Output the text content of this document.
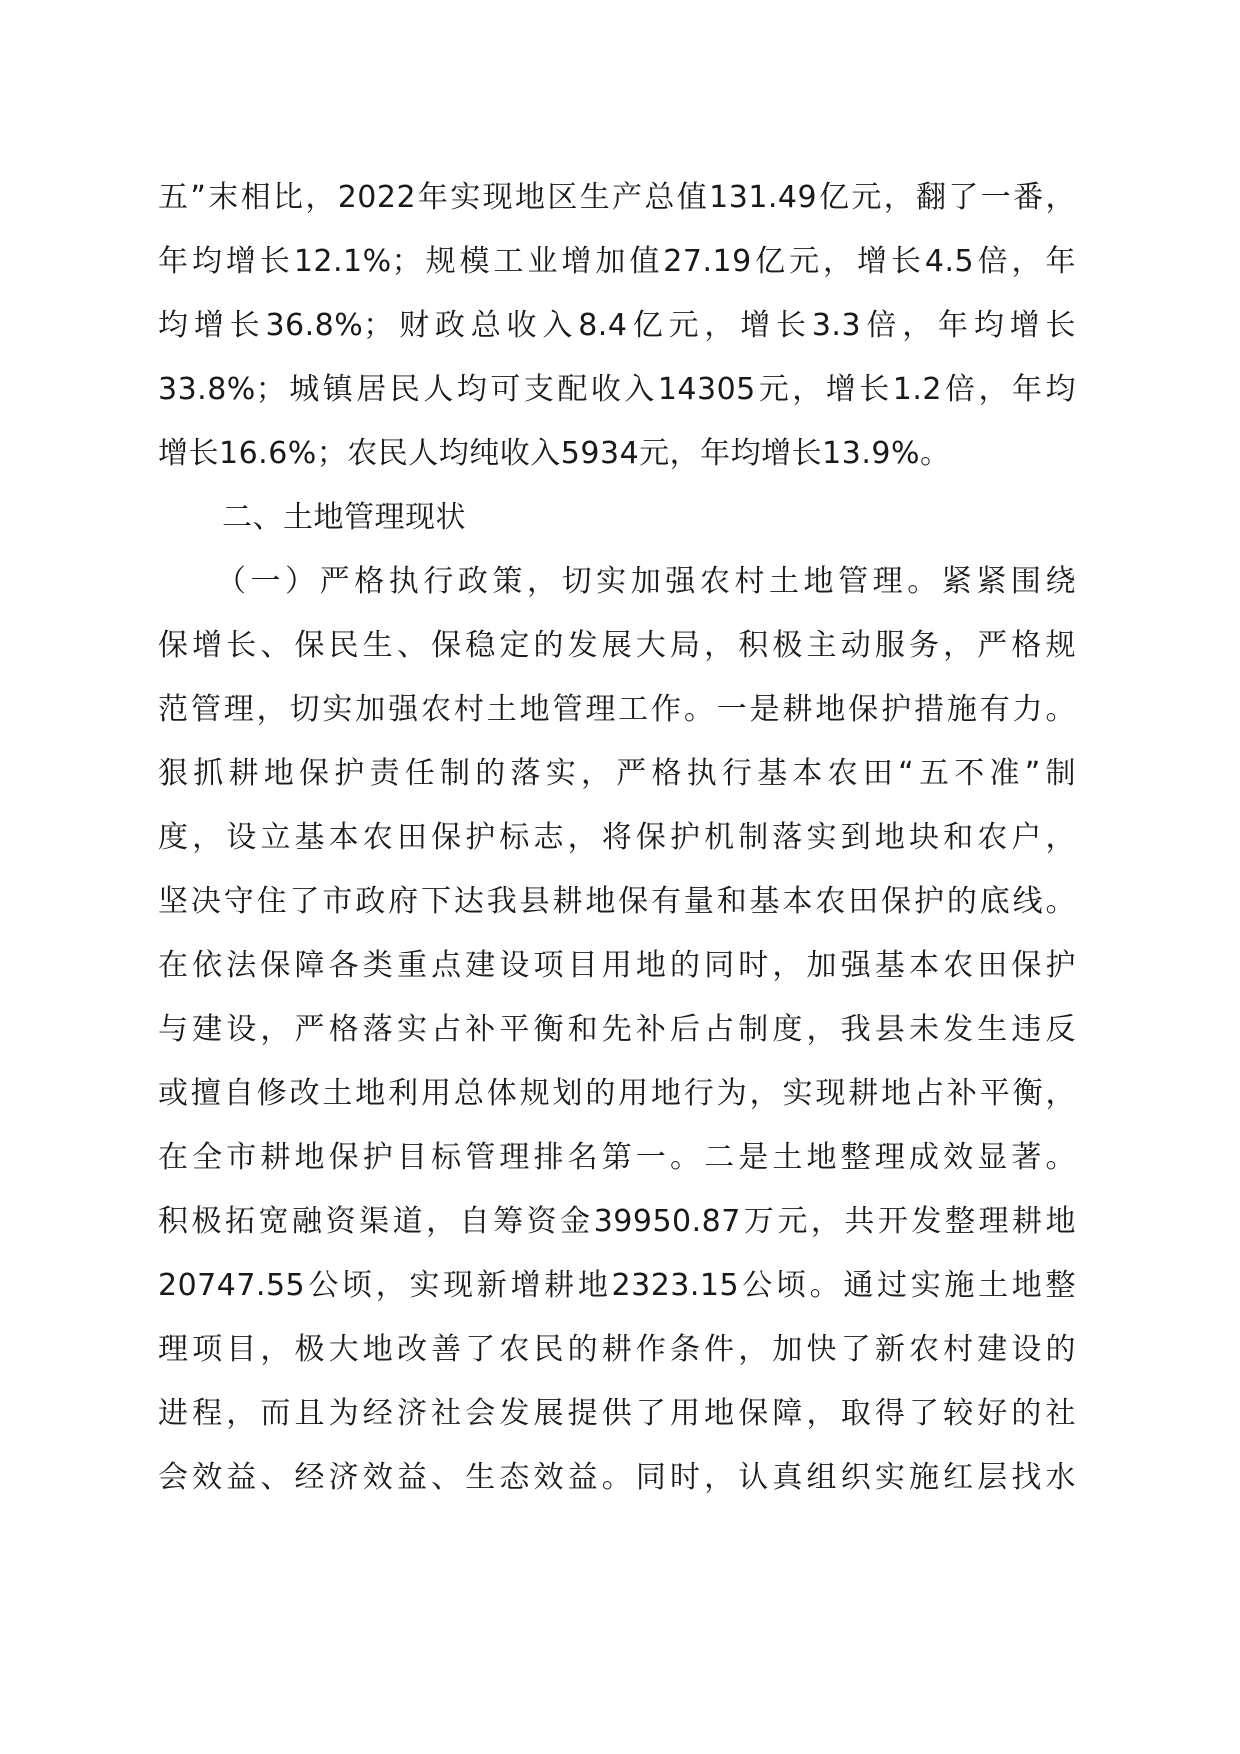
五”末相比，2022年实现地区生产总值131.49亿元，翻了一番，
年均增长12.1%；规模工业增加值27.19亿元，增长4.5倍，年
均增长36.8%；财政总收入8.4亿元，增长3.3倍，年均增长
33.8%；城镇居民人均可支配收入14305元，增长1.2倍，年均
增长16.6%；农民人均纯收入5934元，年均增长13.9%。
二、土地管理现状
（一）严格执行政策，切实加强农村土地管理。紧紧围绕
保增长、保民生、保稳定的发展大局，积极主动服务，严格规
范管理，切实加强农村土地管理工作。一是耕地保护措施有力。
狠抓耕地保护责任制的落实，严格执行基本农田“五不准”制
度，设立基本农田保护标志，将保护机制落实到地块和农户，
坚决守住了市政府下达我县耕地保有量和基本农田保护的底线。
在依法保障各类重点建设项目用地的同时，加强基本农田保护
与建设，严格落实占补平衡和先补后占制度，我县未发生违反
或擅自修改土地利用总体规划的用地行为，实现耕地占补平衡，
在全市耕地保护目标管理排名第一。二是土地整理成效显著。
积极拓宽融资渠道，自筹资金39950.87万元，共开发整理耕地
20747.55公顷，实现新增耕地2323.15公顷。通过实施土地整
理项目，极大地改善了农民的耕作条件，加快了新农村建设的
进程，而且为经济社会发展提供了用地保障，取得了较好的社
会效益、经济效益、生态效益。同时，认真组织实施红层找水
